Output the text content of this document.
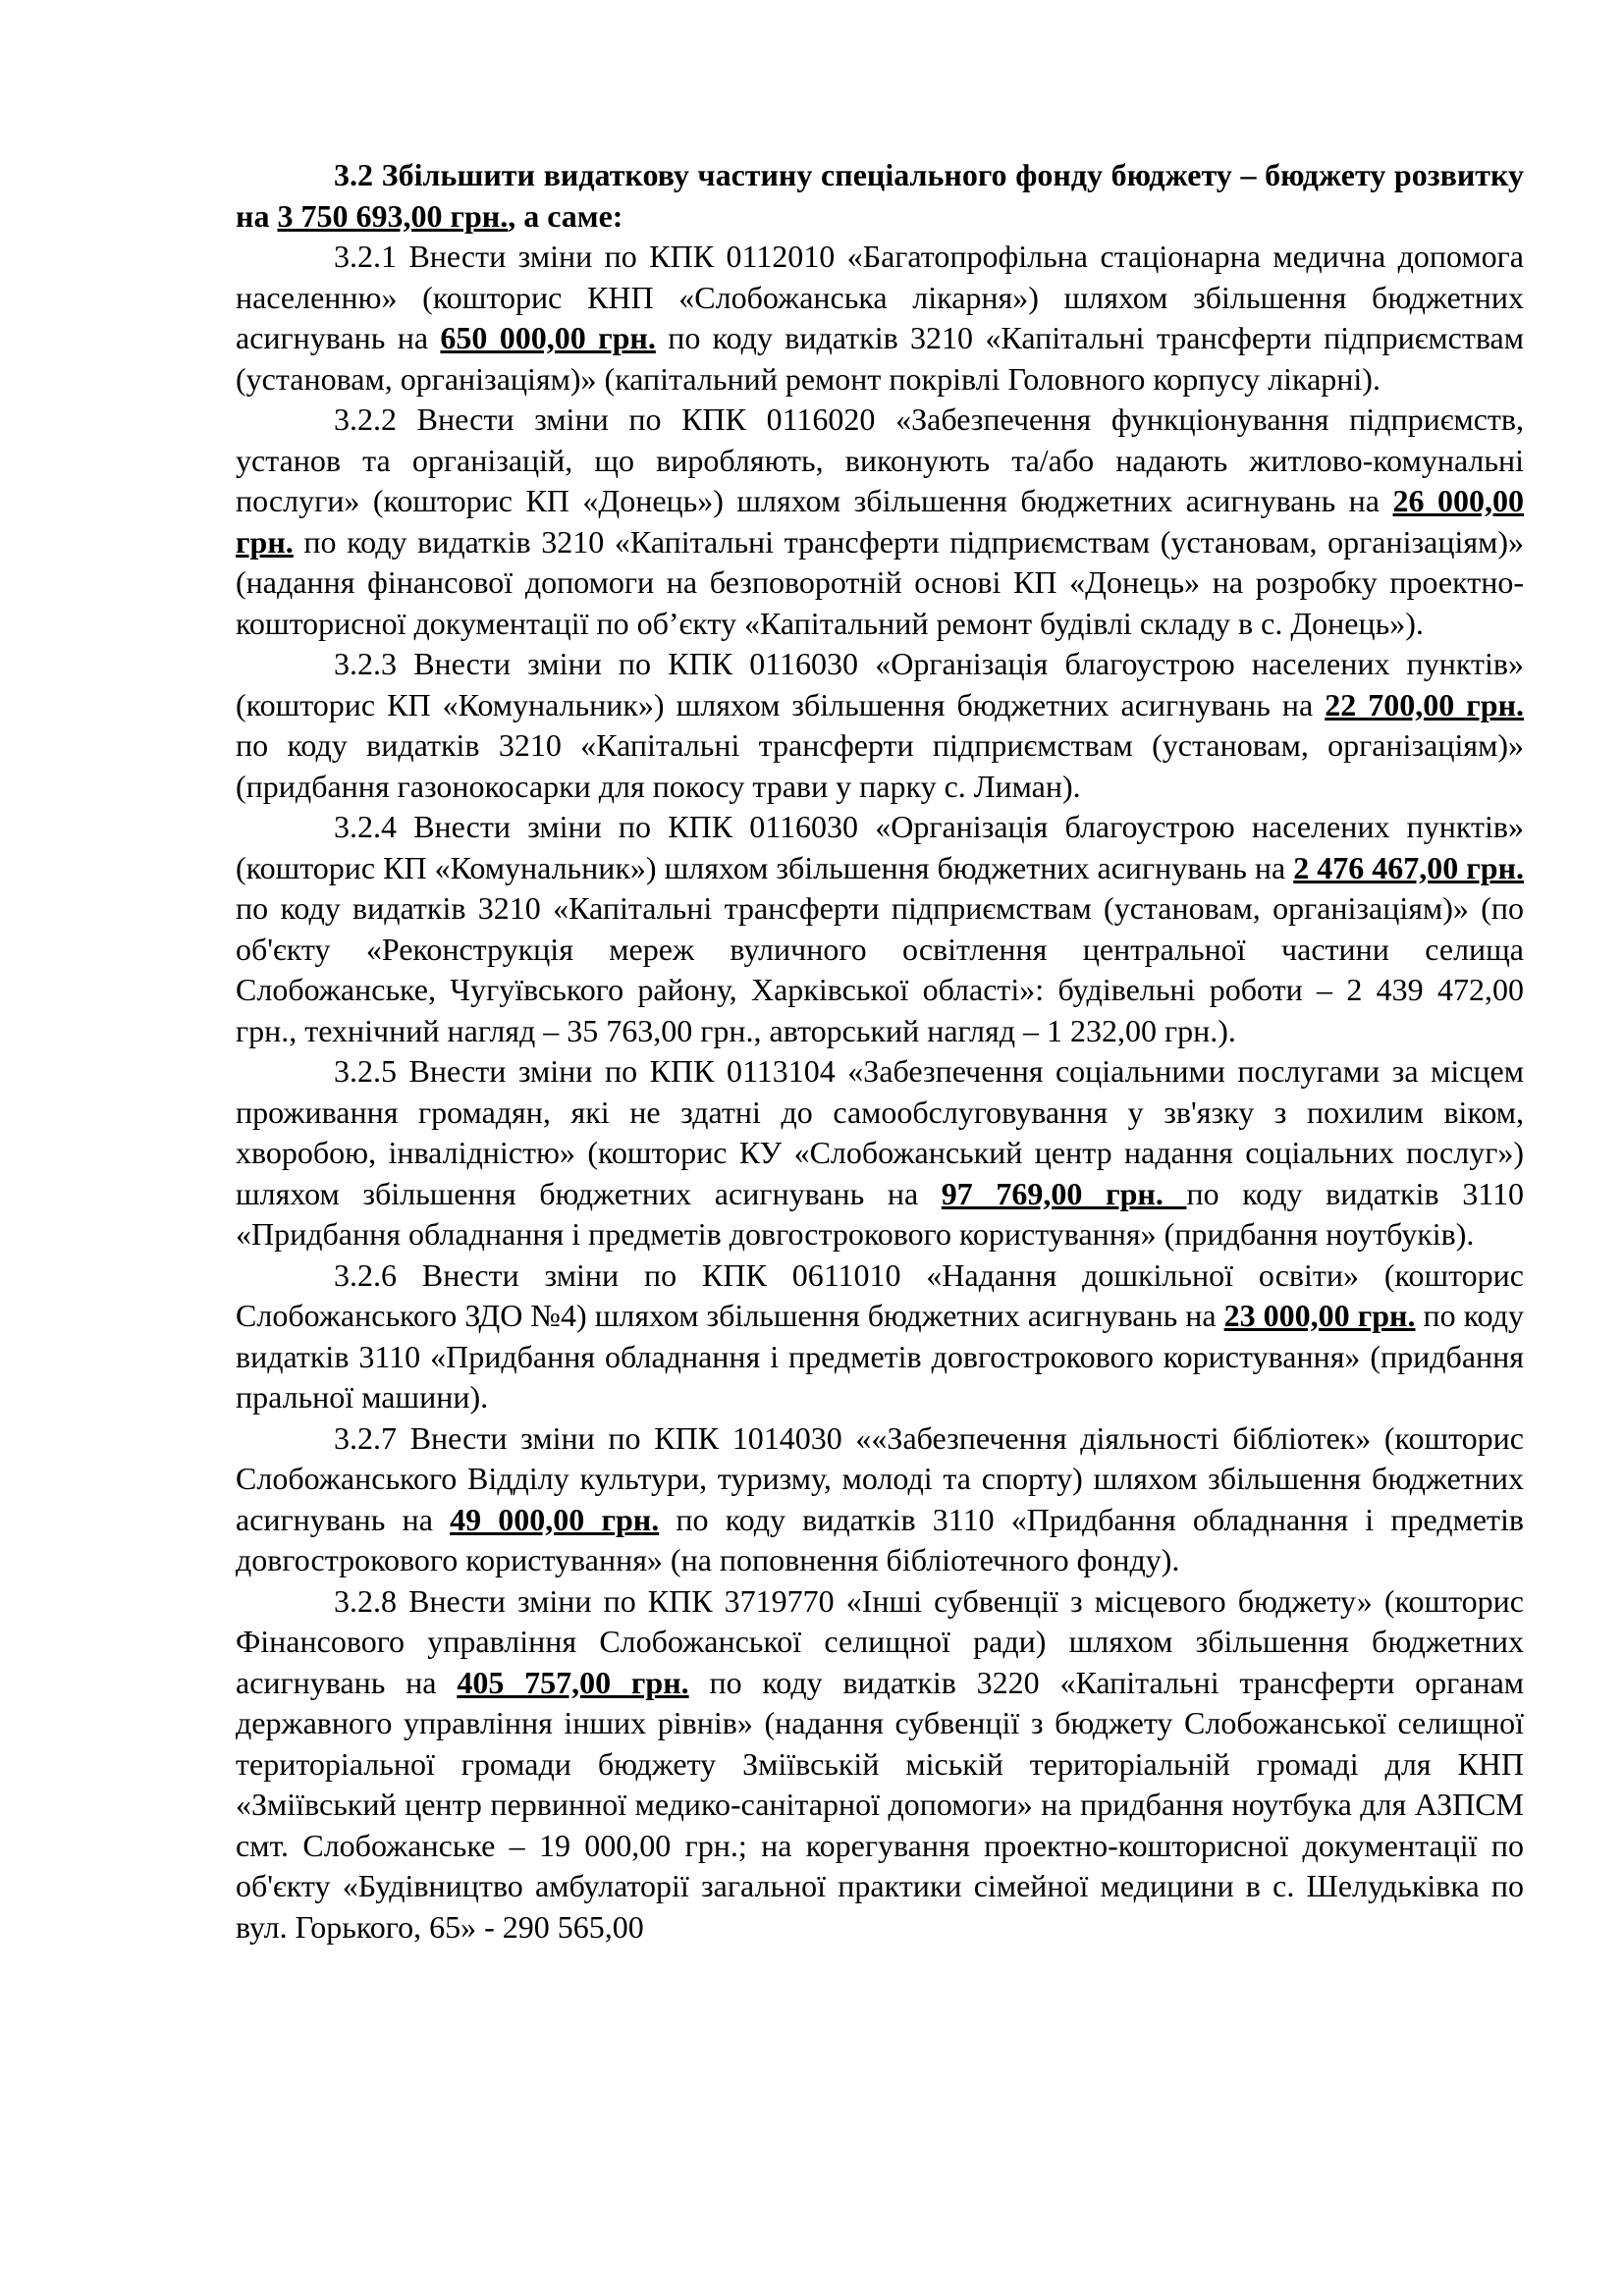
3.2 Збільшити видаткову частину спеціального фонду бюджету – бюджету розвитку на 3 750 693,00 грн., а саме:

3.2.1 Внести зміни по КПК 0112010 «Багатопрофільна стаціонарна медична допомога населенню» (кошторис КНП «Слобожанська лікарня») шляхом збільшення бюджетних асигнувань на 650 000,00 грн. по коду видатків 3210 «Капітальні трансферти підприємствам (установам, організаціям)» (капітальний ремонт покрівлі Головного корпусу лікарні).

3.2.2 Внести зміни по КПК 0116020 «Забезпечення функціонування підприємств, установ та організацій, що виробляють, виконують та/або надають житлово-комунальні послуги» (кошторис КП «Донець») шляхом збільшення бюджетних асигнувань на 26 000,00 грн. по коду видатків 3210 «Капітальні трансферти підприємствам (установам, організаціям)» (надання фінансової допомоги на безповоротній основі КП «Донець» на розробку проектно-кошторисної документації по об’єкту «Капітальний ремонт будівлі складу в с. Донець»).

3.2.3 Внести зміни по КПК 0116030 «Організація благоустрою населених пунктів» (кошторис КП «Комунальник») шляхом збільшення бюджетних асигнувань на 22 700,00 грн. по коду видатків 3210 «Капітальні трансферти підприємствам (установам, організаціям)» (придбання газонокосарки для покосу трави у парку с. Лиман).

3.2.4 Внести зміни по КПК 0116030 «Організація благоустрою населених пунктів» (кошторис КП «Комунальник») шляхом збільшення бюджетних асигнувань на 2 476 467,00 грн. по коду видатків 3210 «Капітальні трансферти підприємствам (установам, організаціям)» (по об'єкту «Реконструкція мереж вуличного освітлення центральної частини селища Слобожанське, Чугуївського району, Харківської області»: будівельні роботи – 2 439 472,00 грн., технічний нагляд – 35 763,00 грн., авторський нагляд – 1 232,00 грн.).

3.2.5 Внести зміни по КПК 0113104 «Забезпечення соціальними послугами за місцем проживання громадян, які не здатні до самообслуговування у зв'язку з похилим віком, хворобою, інвалідністю» (кошторис КУ «Слобожанський центр надання соціальних послуг») шляхом збільшення бюджетних асигнувань на 97 769,00 грн. по коду видатків 3110 «Придбання обладнання і предметів довгострокового користування» (придбання ноутбуків).

3.2.6 Внести зміни по КПК 0611010 «Надання дошкільної освіти» (кошторис Слобожанського ЗДО №4) шляхом збільшення бюджетних асигнувань на 23 000,00 грн. по коду видатків 3110 «Придбання обладнання і предметів довгострокового користування» (придбання пральної машини).

3.2.7 Внести зміни по КПК 1014030 ««Забезпечення діяльності бібліотек» (кошторис Слобожанського Відділу культури, туризму, молоді та спорту) шляхом збільшення бюджетних асигнувань на 49 000,00 грн. по коду видатків 3110 «Придбання обладнання і предметів довгострокового користування» (на поповнення бібліотечного фонду).

3.2.8 Внести зміни по КПК 3719770 «Інші субвенції з місцевого бюджету» (кошторис Фінансового управління Слобожанської селищної ради) шляхом збільшення бюджетних асигнувань на 405 757,00 грн. по коду видатків 3220 «Капітальні трансферти органам державного управління інших рівнів» (надання субвенції з бюджету Слобожанської селищної територіальної громади бюджету Зміївській міській територіальній громаді для КНП «Зміївський центр первинної медико-санітарної допомоги» на придбання ноутбука для АЗПСМ смт. Слобожанське – 19 000,00 грн.; на корегування проектно-кошторисної документації по об'єкту «Будівництво амбулаторії загальної практики сімейної медицини в с. Шелудьківка по вул. Горького, 65» - 290 565,00
